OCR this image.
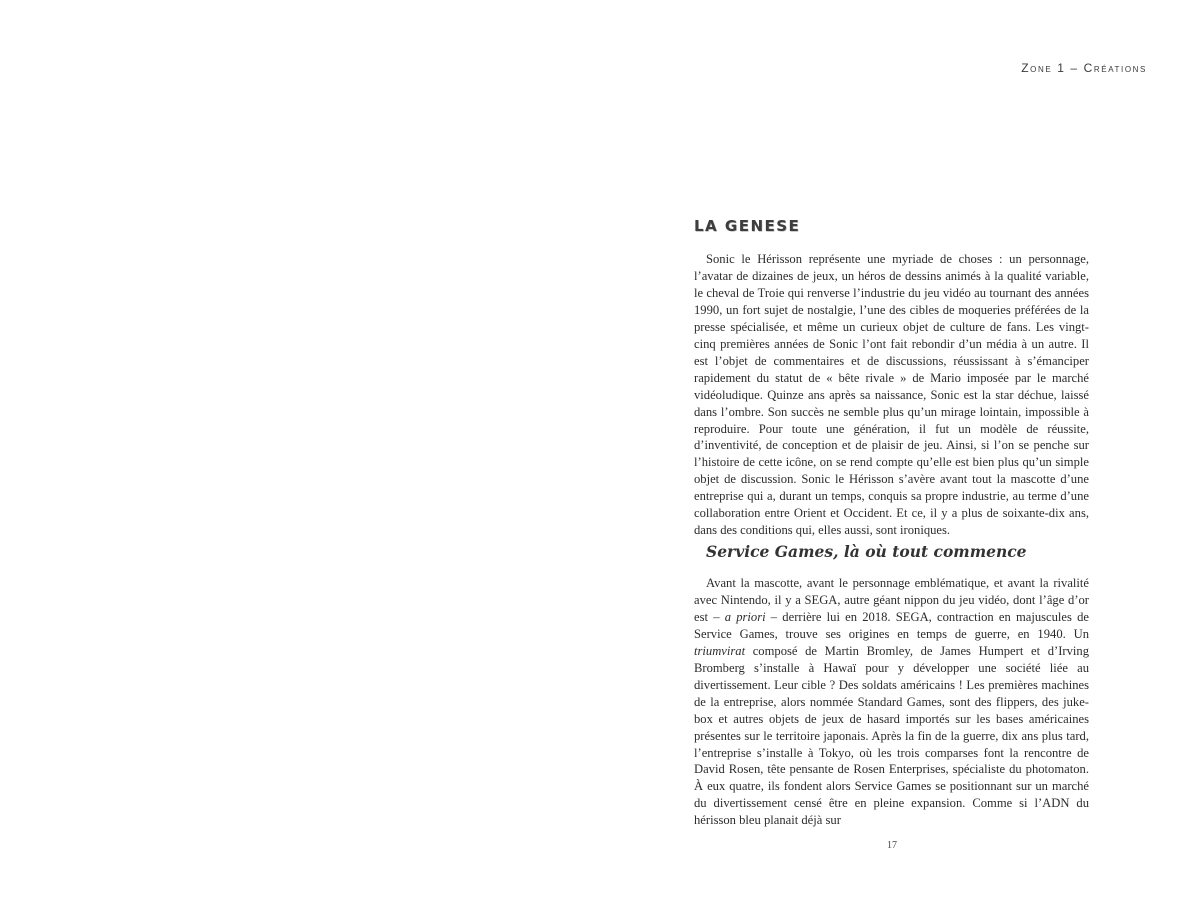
Zone 1 – Créations
LA GENESE

Sonic le Hérisson représente une myriade de choses : un personnage, l’avatar de dizaines de jeux, un héros de dessins animés à la qualité variable, le cheval de Troie qui renverse l’industrie du jeu vidéo au tournant des années 1990, un fort sujet de nostalgie, l’une des cibles de moqueries préférées de la presse spécialisée, et même un curieux objet de culture de fans. Les vingt-cinq premières années de Sonic l’ont fait rebondir d’un média à un autre. Il est l’objet de commentaires et de discussions, réussissant à s’émanciper rapidement du statut de « bête rivale » de Mario imposée par le marché vidéoludique. Quinze ans après sa naissance, Sonic est la star déchue, laissé dans l’ombre. Son succès ne semble plus qu’un mirage lointain, impossible à reproduire. Pour toute une génération, il fut un modèle de réussite, d’inventivité, de conception et de plaisir de jeu. Ainsi, si l’on se penche sur l’histoire de cette icône, on se rend compte qu’elle est bien plus qu’un simple objet de discussion. Sonic le Hérisson s’avère avant tout la mascotte d’une entreprise qui a, durant un temps, conquis sa propre industrie, au terme d’une collaboration entre Orient et Occident. Et ce, il y a plus de soixante-dix ans, dans des conditions qui, elles aussi, sont ironiques.

Service Games, là où tout commence

Avant la mascotte, avant le personnage emblématique, et avant la rivalité avec Nintendo, il y a SEGA, autre géant nippon du jeu vidéo, dont l’âge d’or est – a priori – derrière lui en 2018. SEGA, contraction en majuscules de Service Games, trouve ses origines en temps de guerre, en 1940. Un triumvirat composé de Martin Bromley, de James Humpert et d’Irving Bromberg s’installe à Hawaï pour y développer une société liée au divertissement. Leur cible ? Des soldats américains ! Les premières machines de la entreprise, alors nommée Standard Games, sont des flippers, des juke-box et autres objets de jeux de hasard importés sur les bases américaines présentes sur le territoire japonais. Après la fin de la guerre, dix ans plus tard, l’entreprise s’installe à Tokyo, où les trois comparses font la rencontre de David Rosen, tête pensante de Rosen Enterprises, spécialiste du photomaton. À eux quatre, ils fondent alors Service Games se positionnant sur un marché du divertissement censé être en pleine expansion. Comme si l’ADN du hérisson bleu planait déjà sur

17
